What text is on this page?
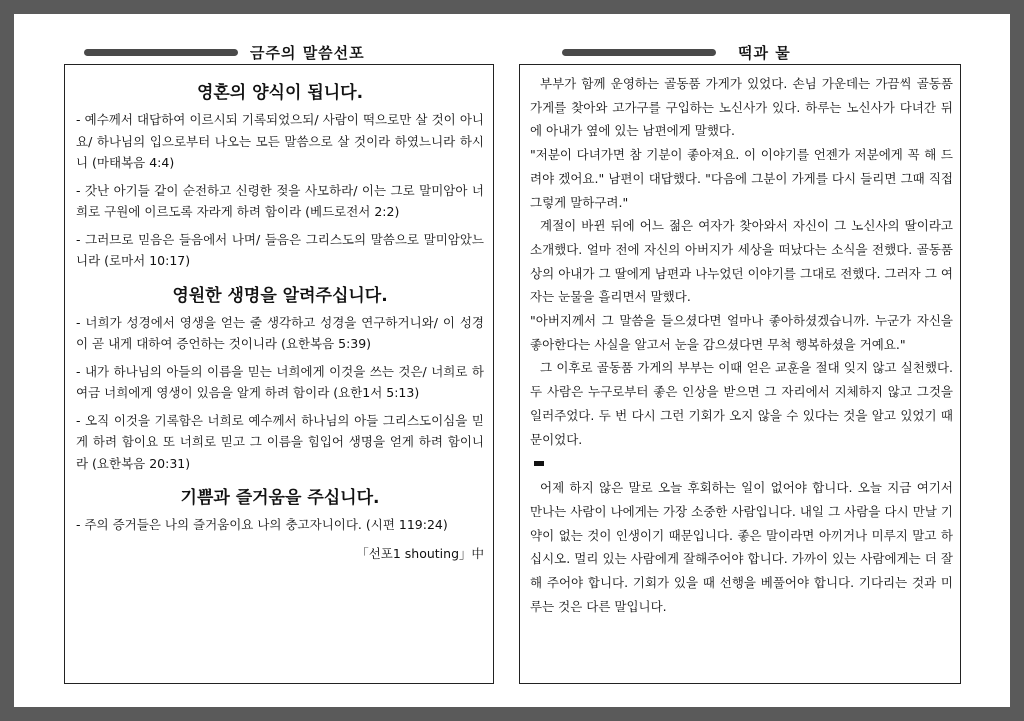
금주의 말씀선포	떡과 물
영혼의 양식이 됩니다.

- 예수께서 대답하여 이르시되 기록되었으되/ 사람이 떡으로만 살 것이 아니요/ 하나님의 입으로부터 나오는 모든 말씀으로 살 것이라 하였느니라 하시니 (마태복음 4:4)

- 갓난 아기들 같이 순전하고 신령한 젖을 사모하라/ 이는 그로 말미암아 너희로 구원에 이르도록 자라게 하려 함이라 (베드로전서 2:2)

- 그러므로 믿음은 들음에서 나며/ 들음은 그리스도의 말씀으로 말미암았느니라 (로마서 10:17)

영원한 생명을 알려주십니다.

- 너희가 성경에서 영생을 얻는 줄 생각하고 성경을 연구하거니와/ 이 성경이 곧 내게 대하여 증언하는 것이니라 (요한복음 5:39)

- 내가 하나님의 아들의 이름을 믿는 너희에게 이것을 쓰는 것은/ 너희로 하여금 너희에게 영생이 있음을 알게 하려 함이라 (요한1서 5:13)

- 오직 이것을 기록함은 너희로 예수께서 하나님의 아들 그리스도이심을 믿게 하려 함이요 또 너희로 믿고 그 이름을 힘입어 생명을 얻게 하려 함이니라 (요한복음 20:31)

기쁨과 즐거움을 주십니다.

- 주의 증거들은 나의 즐거움이요 나의 충고자니이다. (시편 119:24)

「선포1 shouting」中

부부가 함께 운영하는 골동품 가게가 있었다. 손님 가운데는 가끔씩 골동품 가게를 찾아와 고가구를 구입하는 노신사가 있다. 하루는 노신사가 다녀간 뒤에 아내가 옆에 있는 남편에게 말했다.

"저분이 다녀가면 참 기분이 좋아져요. 이 이야기를 언젠가 저분에게 꼭 해 드려야 겠어요." 남편이 대답했다. "다음에 그분이 가게를 다시 들리면 그때 직접 그렇게 말하구려."

계절이 바뀐 뒤에 어느 젊은 여자가 찾아와서 자신이 그 노신사의 딸이라고 소개했다. 얼마 전에 자신의 아버지가 세상을 떠났다는 소식을 전했다. 골동품상의 아내가 그 딸에게 남편과 나누었던 이야기를 그대로 전했다. 그러자 그 여자는 눈물을 흘리면서 말했다.

"아버지께서 그 말씀을 들으셨다면 얼마나 좋아하셨겠습니까. 누군가 자신을 좋아한다는 사실을 알고서 눈을 감으셨다면 무척 행복하셨을 거예요."

그 이후로 골동품 가게의 부부는 이때 얻은 교훈을 절대 잊지 않고 실천했다. 두 사람은 누구로부터 좋은 인상을 받으면 그 자리에서 지체하지 않고 그것을 일러주었다. 두 번 다시 그런 기회가 오지 않을 수 있다는 것을 알고 있었기 때문이었다.

어제 하지 않은 말로 오늘 후회하는 일이 없어야 합니다. 오늘 지금 여기서 만나는 사람이 나에게는 가장 소중한 사람입니다. 내일 그 사람을 다시 만날 기약이 없는 것이 인생이기 때문입니다. 좋은 말이라면 아끼거나 미루지 말고 하십시오. 멀리 있는 사람에게 잘해주어야 합니다. 가까이 있는 사람에게는 더 잘해 주어야 합니다. 기회가 있을 때 선행을 베풀어야 합니다. 기다리는 것과 미루는 것은 다른 말입니다.
